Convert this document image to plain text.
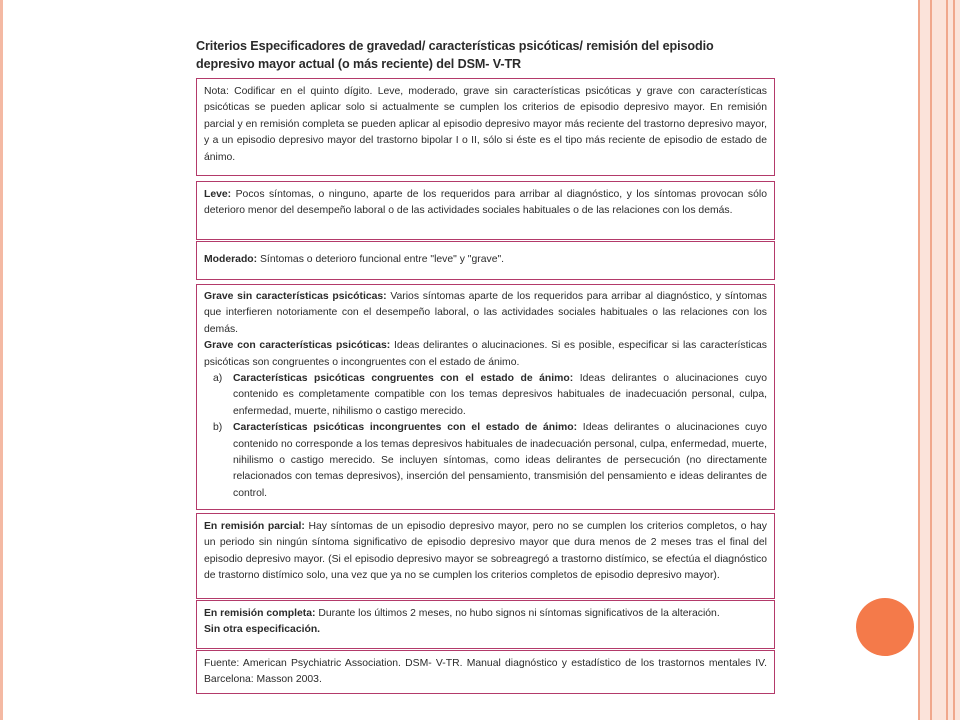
Criterios Especificadores de gravedad/ características psicóticas/ remisión del episodio
depresivo mayor actual (o más reciente) del DSM- V-TR

Nota: Codificar en el quinto dígito. Leve, moderado, grave sin características psicóticas y grave con características psicóticas se pueden aplicar solo si actualmente se cumplen los criterios de episodio depresivo mayor. En remisión parcial y en remisión completa se pueden aplicar al episodio depresivo mayor más reciente del trastorno depresivo mayor, y a un episodio depresivo mayor del trastorno bipolar I o II, sólo si éste es el tipo más reciente de episodio de estado de ánimo.

Leve: Pocos síntomas, o ninguno, aparte de los requeridos para arribar al diagnóstico, y los síntomas provocan sólo deterioro menor del desempeño laboral o de las actividades sociales habituales o de las relaciones con los demás.

Moderado: Síntomas o deterioro funcional entre "leve" y "grave".

Grave sin características psicóticas: Varios síntomas aparte de los requeridos para arribar al diagnóstico, y síntomas que interfieren notoriamente con el desempeño laboral, o las actividades sociales habituales o las relaciones con los demás.

Grave con características psicóticas: Ideas delirantes o alucinaciones. Si es posible, especificar si las características psicóticas son congruentes o incongruentes con el estado de ánimo.

a)	Características psicóticas congruentes con el estado de ánimo: Ideas delirantes o alucinaciones cuyo contenido es completamente compatible con los temas depresivos habituales de inadecuación personal, culpa, enfermedad, muerte, nihilismo o castigo merecido.
b)	Características psicóticas incongruentes con el estado de ánimo: Ideas delirantes o alucinaciones cuyo contenido no corresponde a los temas depresivos habituales de inadecuación personal, culpa, enfermedad, muerte, nihilismo o castigo merecido. Se incluyen síntomas, como ideas delirantes de persecución (no directamente relacionados con temas depresivos), inserción del pensamiento, transmisión del pensamiento e ideas delirantes de control.

En remisión parcial: Hay síntomas de un episodio depresivo mayor, pero no se cumplen los criterios completos, o hay un periodo sin ningún síntoma significativo de episodio depresivo mayor que dura menos de 2 meses tras el final del episodio depresivo mayor. (Si el episodio depresivo mayor se sobreagregó a trastorno distímico, se efectúa el diagnóstico de trastorno distímico solo, una vez que ya no se cumplen los criterios completos de episodio depresivo mayor).

En remisión completa: Durante los últimos 2 meses, no hubo signos ni síntomas significativos de la alteración.

Sin otra especificación.

Fuente: American Psychiatric Association. DSM- V-TR. Manual diagnóstico y estadístico de los trastornos mentales IV. Barcelona: Masson 2003.
